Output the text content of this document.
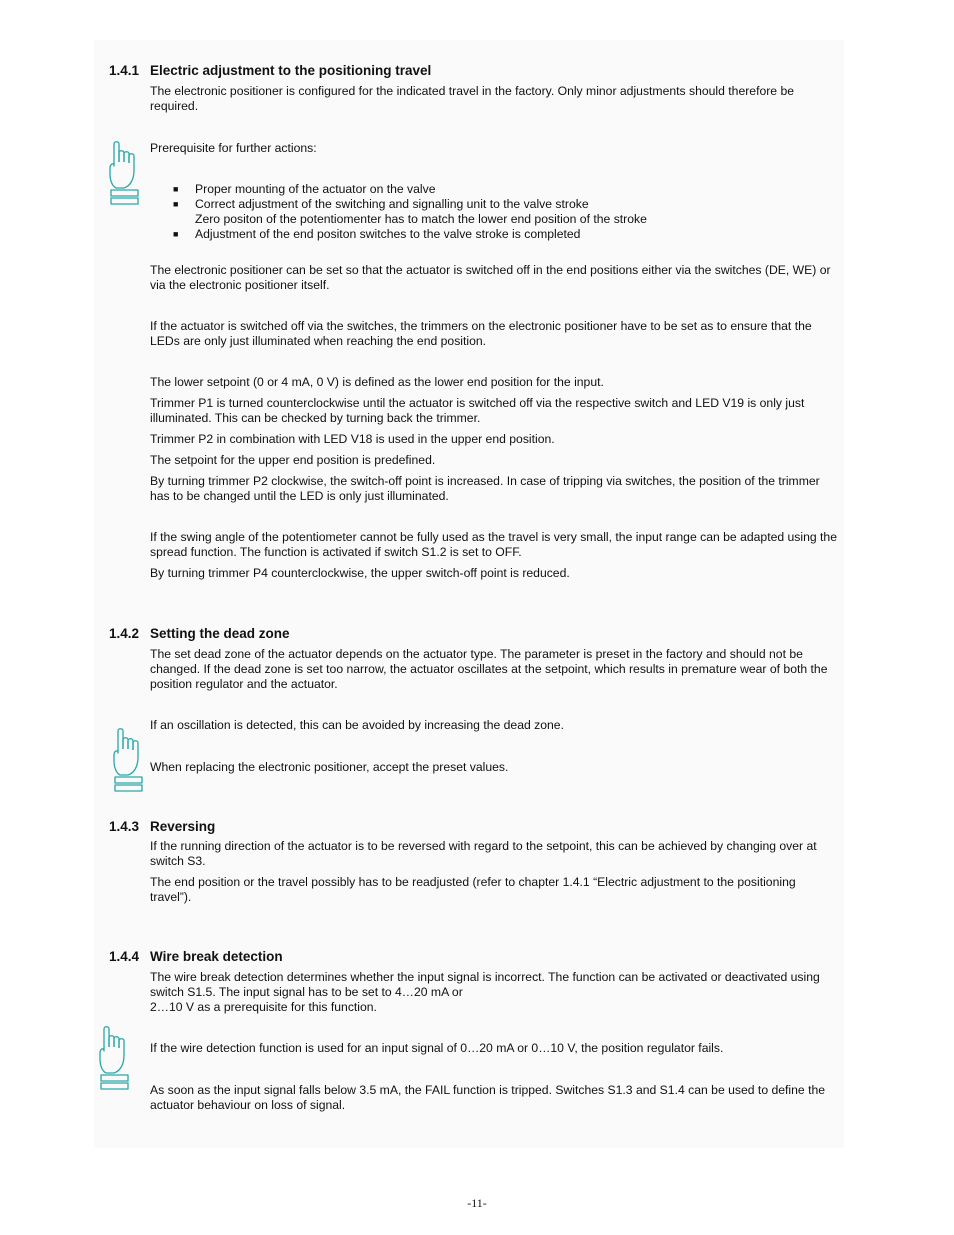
1.4.1 Electric adjustment to the positioning travel
The electronic positioner is configured for the indicated travel in the factory. Only minor adjustments should therefore be required.
Prerequisite for further actions:
■ Proper mounting of the actuator on the valve
■ Correct adjustment of the switching and signalling unit to the valve stroke
Zero positon of the potentiomenter has to match the lower end position of the stroke
■ Adjustment of the end positon switches to the valve stroke is completed
The electronic positioner can be set so that the actuator is switched off in the end positions either via the switches (DE, WE) or via the electronic positioner itself.
If the actuator is switched off via the switches, the trimmers on the electronic positioner have to be set as to ensure that the LEDs are only just illuminated when reaching the end position.
The lower setpoint (0 or 4 mA, 0 V) is defined as the lower end position for the input.
Trimmer P1 is turned counterclockwise until the actuator is switched off via the respective switch and LED V19 is only just illuminated. This can be checked by turning back the trimmer.
Trimmer P2 in combination with LED V18 is used in the upper end position.
The setpoint for the upper end position is predefined.
By turning trimmer P2 clockwise, the switch-off point is increased. In case of tripping via switches, the position of the trimmer has to be changed until the LED is only just illuminated.
If the swing angle of the potentiometer cannot be fully used as the travel is very small, the input range can be adapted using the spread function. The function is activated if switch S1.2 is set to OFF.
By turning trimmer P4 counterclockwise, the upper switch-off point is reduced.
1.4.2 Setting the dead zone
The set dead zone of the actuator depends on the actuator type. The parameter is preset in the factory and should not be changed. If the dead zone is set too narrow, the actuator oscillates at the setpoint, which results in premature wear of both the position regulator and the actuator.
If an oscillation is detected, this can be avoided by increasing the dead zone.
When replacing the electronic positioner, accept the preset values.
1.4.3 Reversing
If the running direction of the actuator is to be reversed with regard to the setpoint, this can be achieved by changing over at switch S3.
The end position or the travel possibly has to be readjusted (refer to chapter 1.4.1 “Electric adjustment to the positioning travel”).
1.4.4 Wire break detection
The wire break detection determines whether the input signal is incorrect. The function can be activated or deactivated using switch S1.5. The input signal has to be set to 4…20 mA or
2…10 V as a prerequisite for this function.
If the wire detection function is used for an input signal of 0…20 mA or 0…10 V, the position regulator fails.
As soon as the input signal falls below 3.5 mA, the FAIL function is tripped. Switches S1.3 and S1.4 can be used to define the actuator behaviour on loss of signal.
-11-
